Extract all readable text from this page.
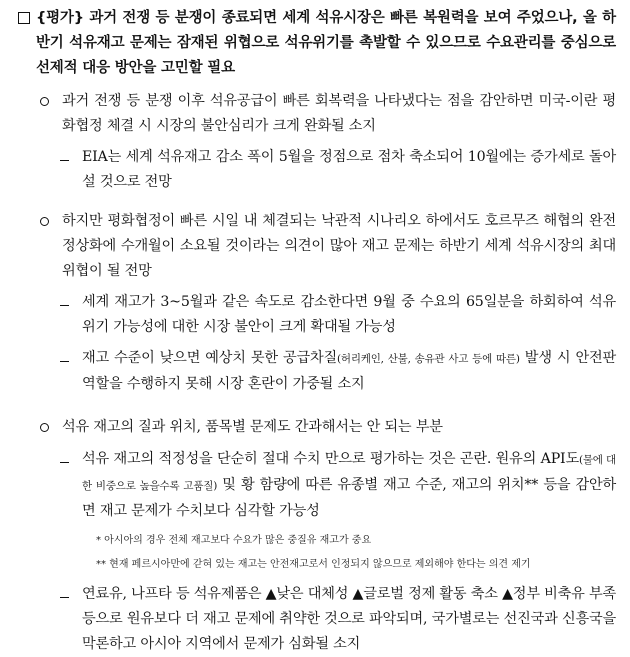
{평가} 과거 전쟁 등 분쟁이 종료되면 세계 석유시장은 빠른 복원력을 보여 주었으나, 올 하반기 석유재고 문제는 잠재된 위협으로 석유위기를 촉발할 수 있으므로 수요관리를 중심으로 선제적 대응 방안을 고민할 필요
과거 전쟁 등 분쟁 이후 석유공급이 빠른 회복력을 나타냈다는 점을 감안하면 미국-이란 평화협정 체결 시 시장의 불안심리가 크게 완화될 소지
EIA는 세계 석유재고 감소 폭이 5월을 정점으로 점차 축소되어 10월에는 증가세로 돌아설 것으로 전망
하지만 평화협정이 빠른 시일 내 체결되는 낙관적 시나리오 하에서도 호르무즈 해협의 완전 정상화에 수개월이 소요될 것이라는 의견이 많아 재고 문제는 하반기 세계 석유시장의 최대 위협이 될 전망
세계 재고가 3~5월과 같은 속도로 감소한다면 9월 중 수요의 65일분을 하회하여 석유위기 가능성에 대한 시장 불안이 크게 확대될 가능성
재고 수준이 낮으면 예상치 못한 공급차질(허리케인, 산불, 송유관 사고 등에 따른) 발생 시 안전판 역할을 수행하지 못해 시장 혼란이 가중될 소지
석유 재고의 질과 위치, 품목별 문제도 간과해서는 안 되는 부분
석유 재고의 적정성을 단순히 절대 수치 만으로 평가하는 것은 곤란. 원유의 API도(물에 대한 비중으로 높을수록 고품질) 및 황 함량에 따른 유종별 재고 수준, 재고의 위치** 등을 감안하면 재고 문제가 수치보다 심각할 가능성
* 아시아의 경우 전체 재고보다 수요가 많은 중질유 재고가 중요
** 현재 페르시아만에 갇혀 있는 재고는 안전재고로서 인정되지 않으므로 제외해야 한다는 의견 제기
연료유, 나프타 등 석유제품은 ▲낮은 대체성 ▲글로벌 정제 활동 축소 ▲정부 비축유 부족 등으로 원유보다 더 재고 문제에 취약한 것으로 파악되며, 국가별로는 선진국과 신흥국을 막론하고 아시아 지역에서 문제가 심화될 소지
